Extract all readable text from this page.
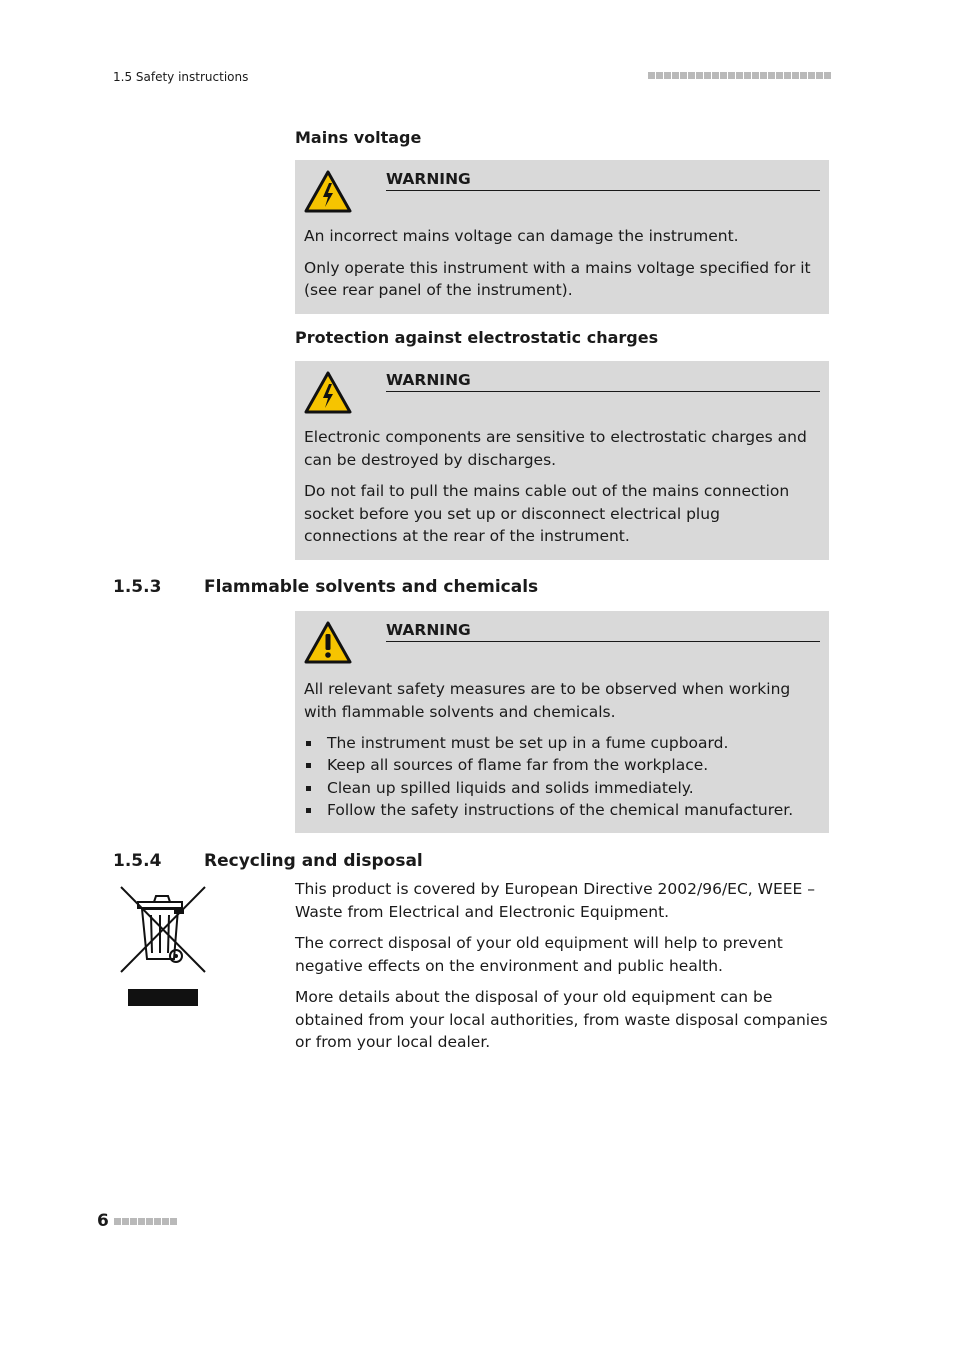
1.5 Safety instructions
Mains voltage
WARNING

An incorrect mains voltage can damage the instrument.

Only operate this instrument with a mains voltage specified for it (see rear panel of the instrument).

Protection against electrostatic charges
WARNING

Electronic components are sensitive to electrostatic charges and can be destroyed by discharges.

Do not fail to pull the mains cable out of the mains connection socket before you set up or disconnect electrical plug connections at the rear of the instrument.

1.5.3	Flammable solvents and chemicals
WARNING

All relevant safety measures are to be observed when working with flammable solvents and chemicals.

The instrument must be set up in a fume cupboard.
Keep all sources of flame far from the workplace.
Clean up spilled liquids and solids immediately.
Follow the safety instructions of the chemical manufacturer.
1.5.4	Recycling and disposal

This product is covered by European Directive 2002/96/EC, WEEE – Waste from Electrical and Electronic Equipment.

The correct disposal of your old equipment will help to prevent negative effects on the environment and public health.

More details about the disposal of your old equipment can be obtained from your local authorities, from waste disposal companies or from your local dealer.

6
